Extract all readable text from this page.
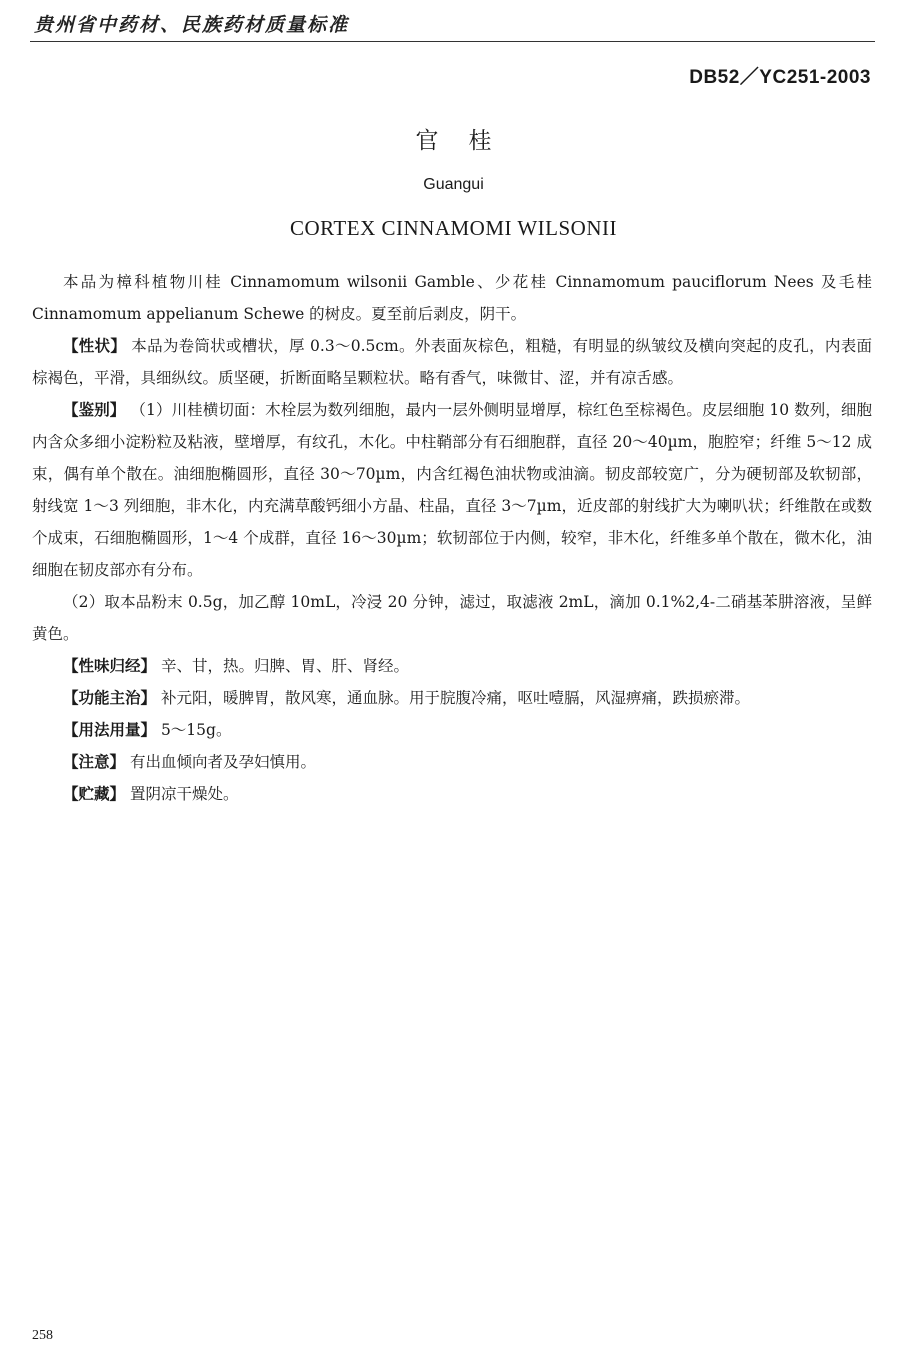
贵州省中药材、民族药材质量标准
DB52／YC251-2003
官桂
Guangui
CORTEX CINNAMOMI WILSONII

本品为樟科植物川桂 Cinnamomum wilsonii Gamble、少花桂 Cinnamomum pauciflorum Nees 及毛桂 Cinnamomum appelianum Schewe 的树皮。夏至前后剥皮，阴干。

【性状】 本品为卷筒状或槽状，厚 0.3～0.5cm。外表面灰棕色，粗糙，有明显的纵皱纹及横向突起的皮孔，内表面棕褐色，平滑，具细纵纹。质坚硬，折断面略呈颗粒状。略有香气，味微甘、涩，并有凉舌感。

【鉴别】 （1）川桂横切面：木栓层为数列细胞，最内一层外侧明显增厚，棕红色至棕褐色。皮层细胞 10 数列，细胞内含众多细小淀粉粒及粘液，壁增厚，有纹孔，木化。中柱鞘部分有石细胞群，直径 20～40µm，胞腔窄；纤维 5～12 成束，偶有单个散在。油细胞椭圆形，直径 30～70µm，内含红褐色油状物或油滴。韧皮部较宽广，分为硬韧部及软韧部，射线宽 1～3 列细胞，非木化，内充满草酸钙细小方晶、柱晶，直径 3～7µm，近皮部的射线扩大为喇叭状；纤维散在或数个成束，石细胞椭圆形，1～4 个成群，直径 16～30µm；软韧部位于内侧，较窄，非木化，纤维多单个散在，微木化，油细胞在韧皮部亦有分布。

（2）取本品粉末 0.5g，加乙醇 10mL，冷浸 20 分钟，滤过，取滤液 2mL，滴加 0.1%2,4-二硝基苯肼溶液，呈鲜黄色。

【性味归经】 辛、甘，热。归脾、胃、肝、肾经。

【功能主治】 补元阳，暖脾胃，散风寒，通血脉。用于脘腹冷痛，呕吐噎膈，风湿痹痛，跌损瘀滞。

【用法用量】 5～15g。

【注意】 有出血倾向者及孕妇慎用。

【贮藏】 置阴凉干燥处。

258
